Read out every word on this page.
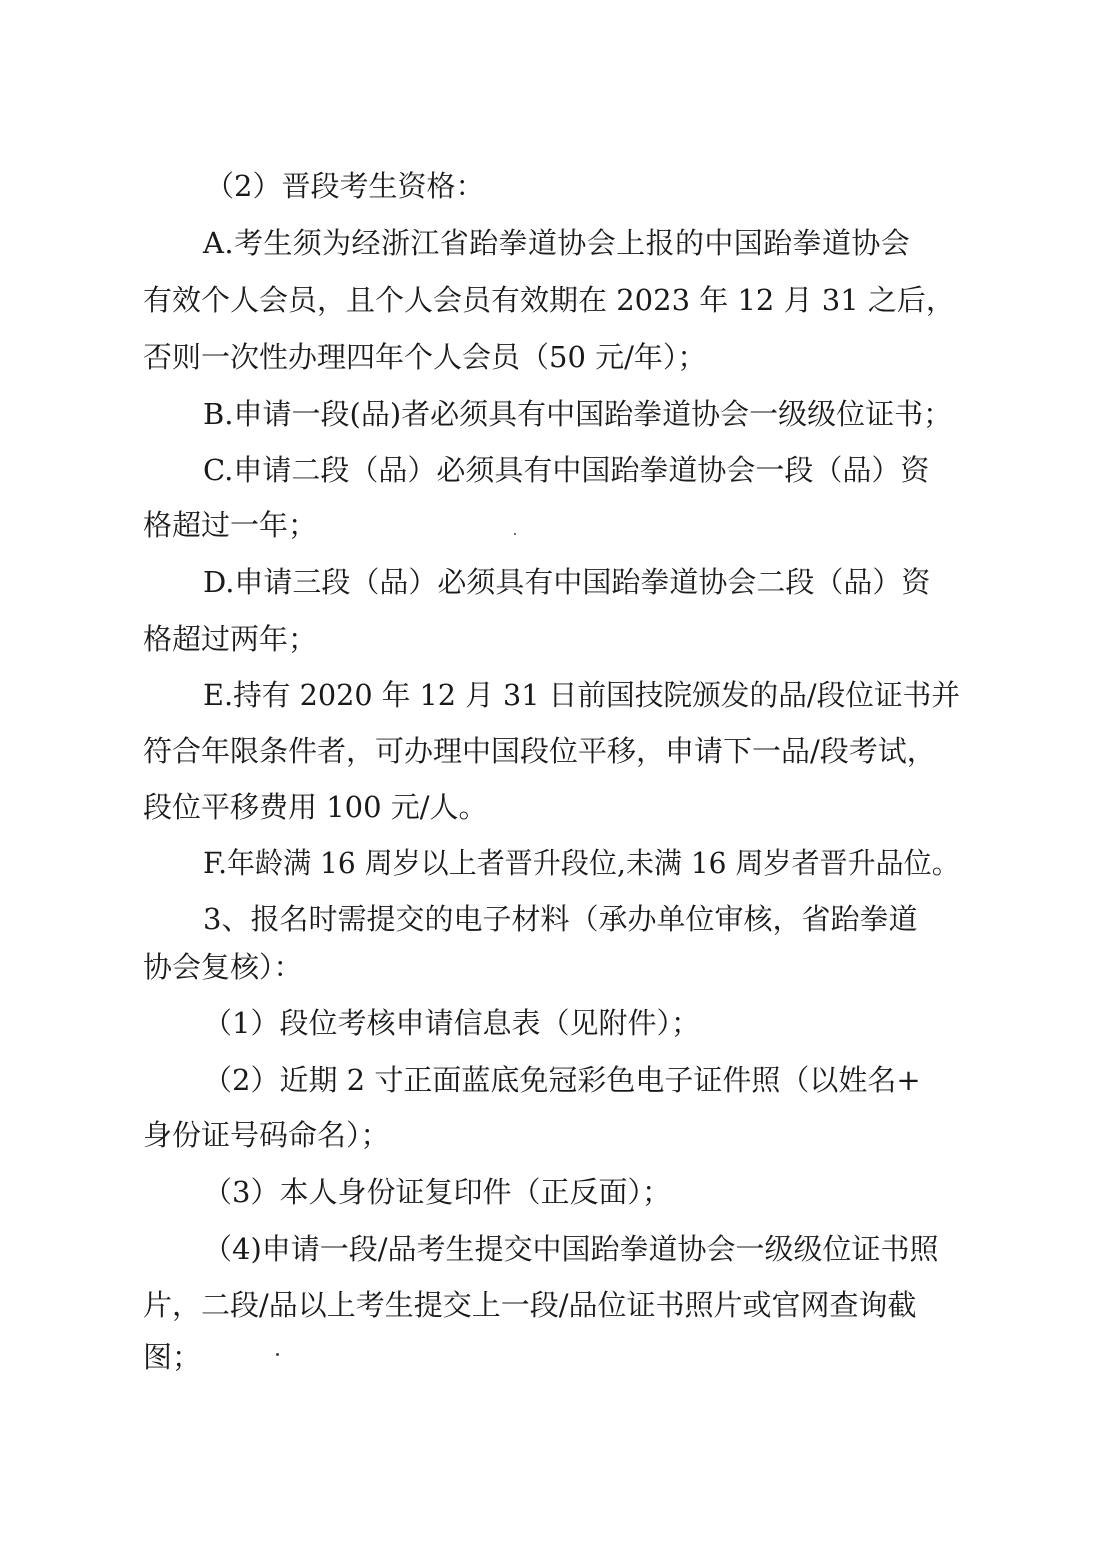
（2）晋段考生资格：
A.考生须为经浙江省跆拳道协会上报的中国跆拳道协会
有效个人会员，且个人会员有效期在 2023 年 12 月 31 之后，
否则一次性办理四年个人会员（50 元/年）；
B.申请一段(品)者必须具有中国跆拳道协会一级级位证书；
C.申请二段（品）必须具有中国跆拳道协会一段（品）资
格超过一年；
D.申请三段（品）必须具有中国跆拳道协会二段（品）资
格超过两年；
E.持有 2020 年 12 月 31 日前国技院颁发的品/段位证书并
符合年限条件者，可办理中国段位平移，申请下一品/段考试，
段位平移费用 100 元/人。
F.年龄满 16 周岁以上者晋升段位,未满 16 周岁者晋升品位。
3、报名时需提交的电子材料（承办单位审核，省跆拳道
协会复核）：
（1）段位考核申请信息表（见附件）；
（2）近期 2 寸正面蓝底免冠彩色电子证件照（以姓名+
身份证号码命名）；
（3）本人身份证复印件（正反面）；
（4)申请一段/品考生提交中国跆拳道协会一级级位证书照
片，二段/品以上考生提交上一段/品位证书照片或官网查询截
图；
